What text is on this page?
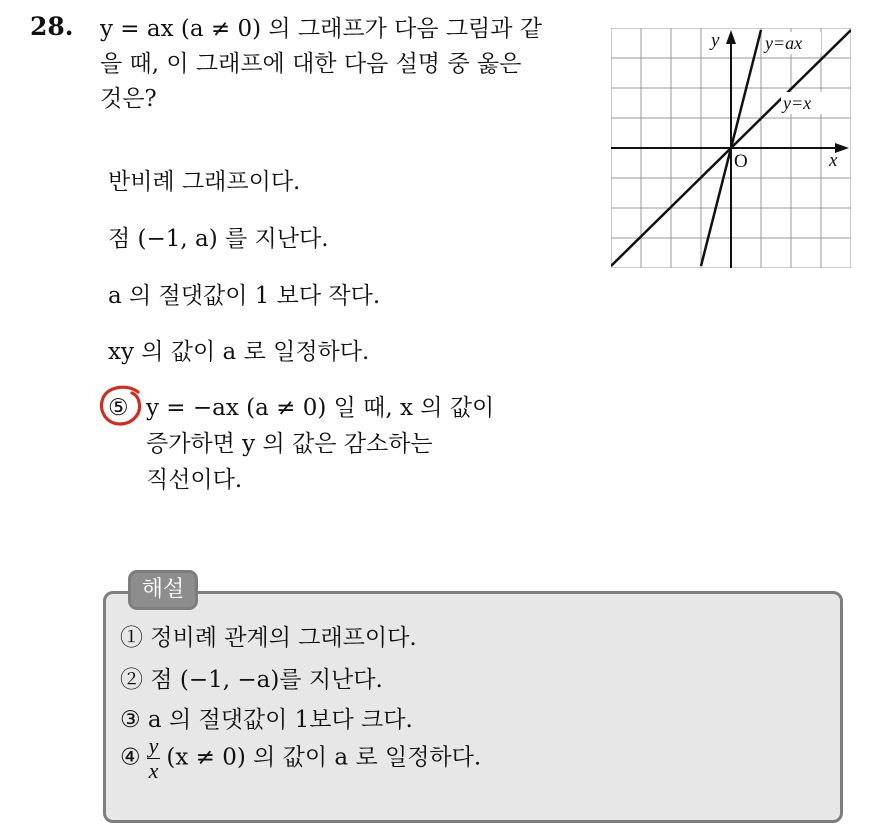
28. y = ax (a ≠ 0) 의 그래프가 다음 그림과 같
을 때, 이 그래프에 대한 다음 설명 중 옳은
것은?
y=ax
y=x
y
x
O
반비례 그래프이다.
점 (−1, a) 를 지난다.
a 의 절댓값이 1 보다 작다.
xy 의 값이 a 로 일정하다.
⑤ y = −ax (a ≠ 0) 일 때, x 의 값이
증가하면 y 의 값은 감소하는
직선이다.
해설
① 정비례 관계의 그래프이다.
② 점 (−1, −a)를 지난다.
③ a 의 절댓값이 1보다 크다.
④ $\frac{y}{x} (x \ne 0)$ 의 값이 a 로 일정하다.
